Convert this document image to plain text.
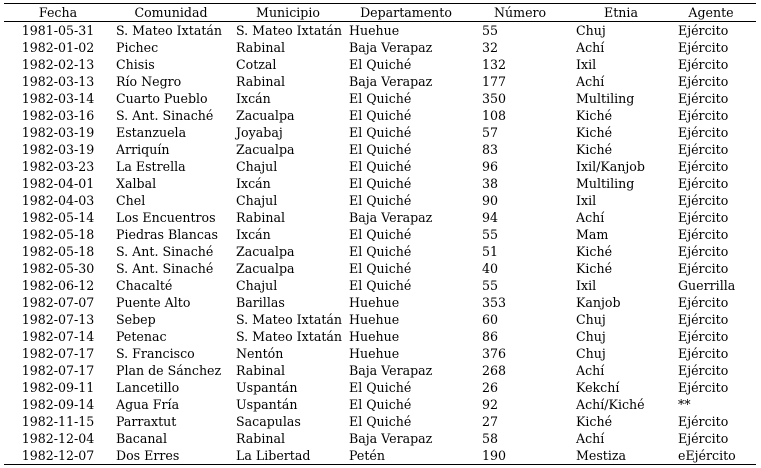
Fecha	Comunidad	Municipio	Departamento	Número	Etnia	Agente
1981-05-31	S. Mateo Ixtatán	S. Mateo Ixtatán	Huehue	55	Chuj	Ejército
1982-01-02	Pichec	Rabinal	Baja Verapaz	32	Achí	Ejército
1982-02-13	Chisis	Cotzal	El Quiché	132	Ixil	Ejército
1982-03-13	Río Negro	Rabinal	Baja Verapaz	177	Achí	Ejército
1982-03-14	Cuarto Pueblo	Ixcán	El Quiché	350	Multiling	Ejército
1982-03-16	S. Ant. Sinaché	Zacualpa	El Quiché	108	Kiché	Ejército
1982-03-19	Estanzuela	Joyabaj	El Quiché	57	Kiché	Ejército
1982-03-19	Arriquín	Zacualpa	El Quiché	83	Kiché	Ejército
1982-03-23	La Estrella	Chajul	El Quiché	96	Ixil/Kanjob	Ejército
1982-04-01	Xalbal	Ixcán	El Quiché	38	Multiling	Ejército
1982-04-03	Chel	Chajul	El Quiché	90	Ixil	Ejército
1982-05-14	Los Encuentros	Rabinal	Baja Verapaz	94	Achí	Ejército
1982-05-18	Piedras Blancas	Ixcán	El Quiché	55	Mam	Ejército
1982-05-18	S. Ant. Sinaché	Zacualpa	El Quiché	51	Kiché	Ejército
1982-05-30	S. Ant. Sinaché	Zacualpa	El Quiché	40	Kiché	Ejército
1982-06-12	Chacalté	Chajul	El Quiché	55	Ixil	Guerrilla
1982-07-07	Puente Alto	Barillas	Huehue	353	Kanjob	Ejército
1982-07-13	Sebep	S. Mateo Ixtatán	Huehue	60	Chuj	Ejército
1982-07-14	Petenac	S. Mateo Ixtatán	Huehue	86	Chuj	Ejército
1982-07-17	S. Francisco	Nentón	Huehue	376	Chuj	Ejército
1982-07-17	Plan de Sánchez	Rabinal	Baja Verapaz	268	Achí	Ejército
1982-09-11	Lancetillo	Uspantán	El Quiché	26	Kekchí	Ejército
1982-09-14	Agua Fría	Uspantán	El Quiché	92	Achí/Kiché	**
1982-11-15	Parraxtut	Sacapulas	El Quiché	27	Kiché	Ejército
1982-12-04	Bacanal	Rabinal	Baja Verapaz	58	Achí	Ejército
1982-12-07	Dos Erres	La Libertad	Petén	190	Mestiza	eEjército
